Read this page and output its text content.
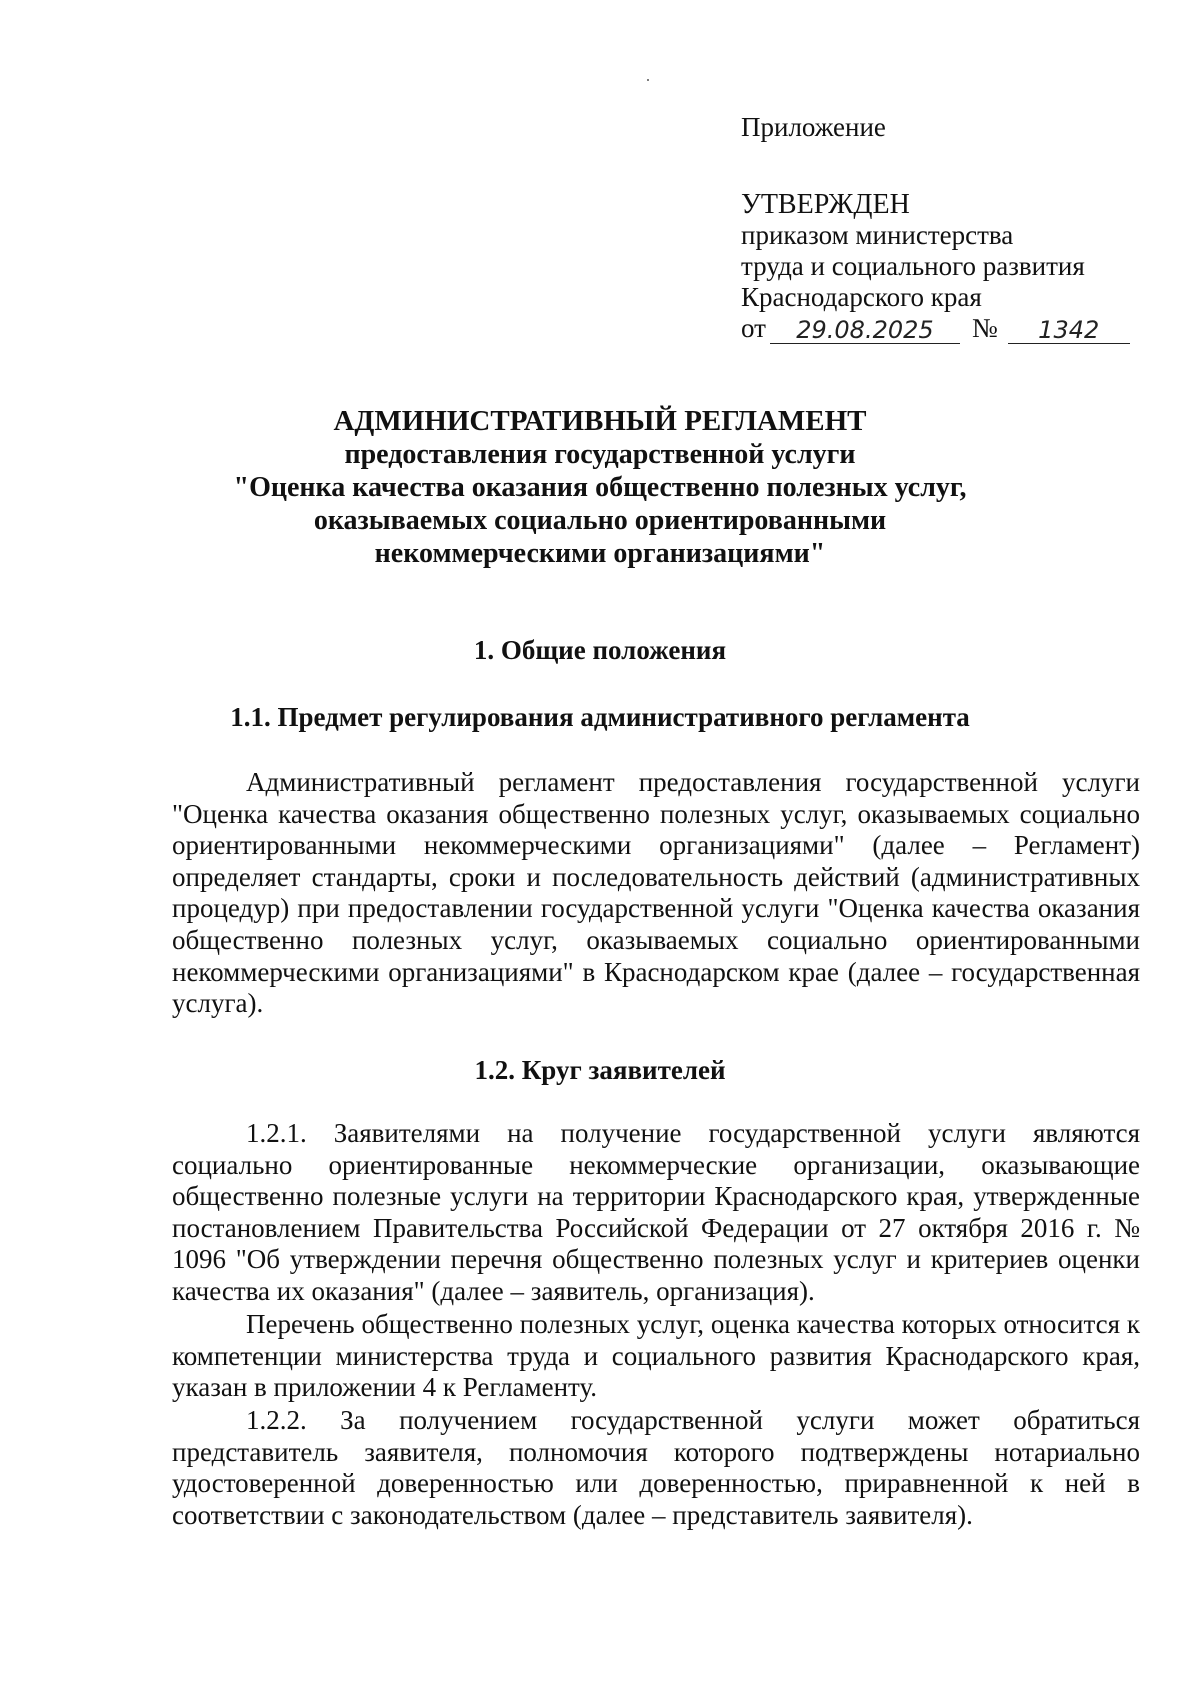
Приложение
УТВЕРЖДЕН
приказом министерства
труда и социального развития
Краснодарского края
от	29.08.2025	№	1342
АДМИНИСТРАТИВНЫЙ РЕГЛАМЕНТ
предоставления государственной услуги
"Оценка качества оказания общественно полезных услуг,
оказываемых социально ориентированными
некоммерческими организациями"
1. Общие положения
1.1. Предмет регулирования административного регламента

Административный регламент предоставления государственной услуги "Оценка качества оказания общественно полезных услуг, оказываемых социально ориентированными некоммерческими организациями" (далее – Регламент) определяет стандарты, сроки и последовательность действий (административных процедур) при предоставлении государственной услуги "Оценка качества оказания общественно полезных услуг, оказываемых социально ориентированными некоммерческими организациями" в Краснодарском крае (далее – государственная услуга).

1.2. Круг заявителей

1.2.1. Заявителями на получение государственной услуги являются социально ориентированные некоммерческие организации, оказывающие общественно полезные услуги на территории Краснодарского края, утвержденные постановлением Правительства Российской Федерации от 27 октября 2016 г. № 1096 "Об утверждении перечня общественно полезных услуг и критериев оценки качества их оказания" (далее – заявитель, организация).

Перечень общественно полезных услуг, оценка качества которых относится к компетенции министерства труда и социального развития Краснодарского края, указан в приложении 4 к Регламенту.

1.2.2. За получением государственной услуги может обратиться представитель заявителя, полномочия которого подтверждены нотариально удостоверенной доверенностью или доверенностью, приравненной к ней в соответствии с законодательством (далее – представитель заявителя).
